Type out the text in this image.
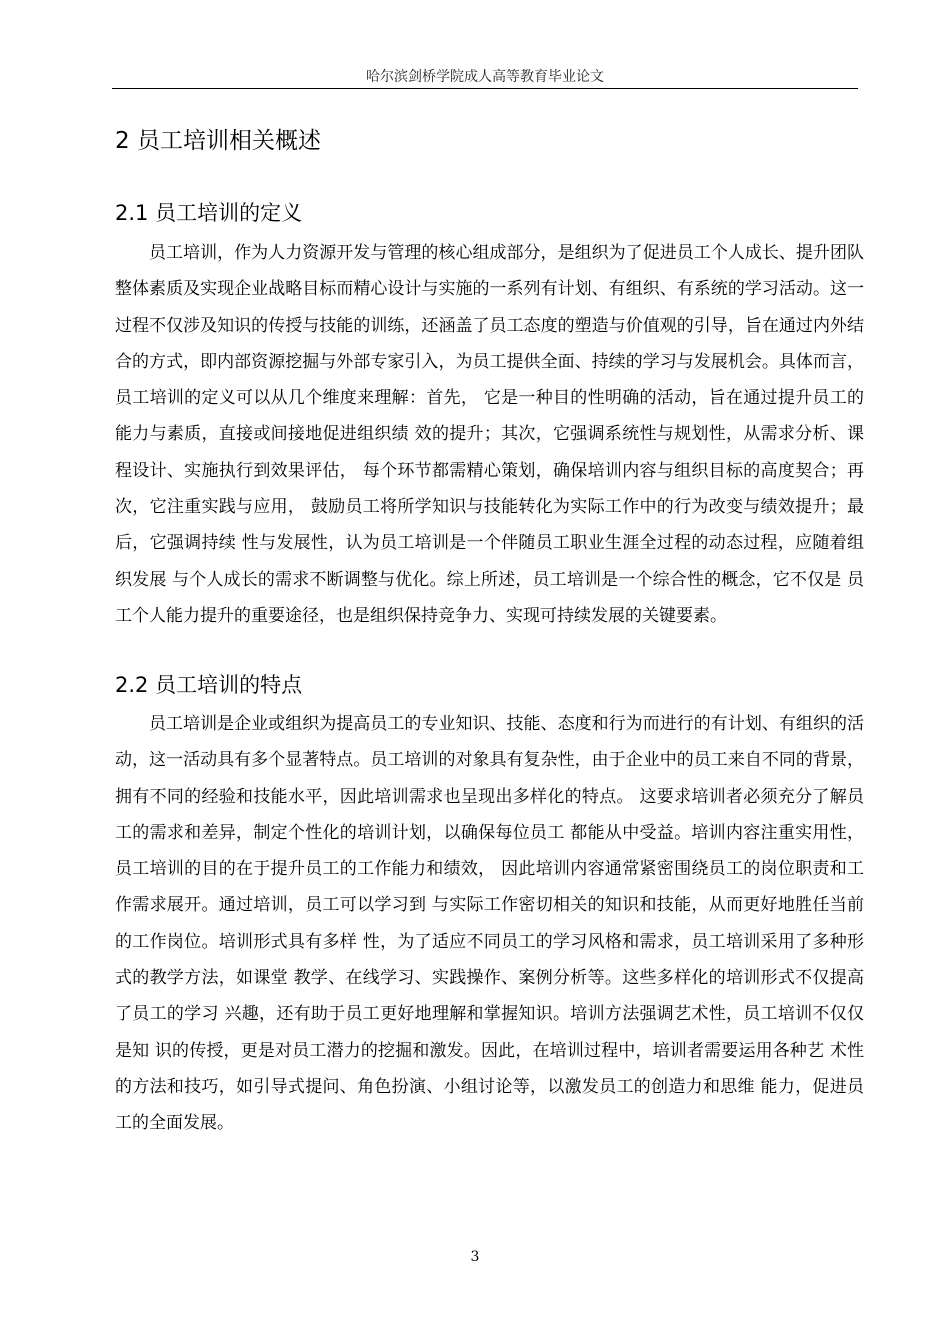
哈尔滨剑桥学院成人高等教育毕业论文
2 员工培训相关概述
2.1 员工培训的定义

员工培训，作为人力资源开发与管理的核心组成部分，是组织为了促进员工个人成长、提升团队整体素质及实现企业战略目标而精心设计与实施的一系列有计划、有组织、有系统的学习活动。这一过程不仅涉及知识的传授与技能的训练，还涵盖了员工态度的塑造与价值观的引导，旨在通过内外结合的方式，即内部资源挖掘与外部专家引入，为员工提供全面、持续的学习与发展机会。具体而言，员工培训的定义可以从几个维度来理解：首先， 它是一种目的性明确的活动，旨在通过提升员工的能力与素质，直接或间接地促进组织绩 效的提升；其次，它强调系统性与规划性，从需求分析、课程设计、实施执行到效果评估， 每个环节都需精心策划，确保培训内容与组织目标的高度契合；再次，它注重实践与应用， 鼓励员工将所学知识与技能转化为实际工作中的行为改变与绩效提升；最后，它强调持续 性与发展性，认为员工培训是一个伴随员工职业生涯全过程的动态过程，应随着组织发展 与个人成长的需求不断调整与优化。综上所述，员工培训是一个综合性的概念，它不仅是 员工个人能力提升的重要途径，也是组织保持竞争力、实现可持续发展的关键要素。

2.2 员工培训的特点

员工培训是企业或组织为提高员工的专业知识、技能、态度和行为而进行的有计划、有组织的活动，这一活动具有多个显著特点。员工培训的对象具有复杂性，由于企业中的员工来自不同的背景，拥有不同的经验和技能水平，因此培训需求也呈现出多样化的特点。 这要求培训者必须充分了解员工的需求和差异，制定个性化的培训计划，以确保每位员工 都能从中受益。培训内容注重实用性，员工培训的目的在于提升员工的工作能力和绩效， 因此培训内容通常紧密围绕员工的岗位职责和工作需求展开。通过培训，员工可以学习到 与实际工作密切相关的知识和技能，从而更好地胜任当前的工作岗位。培训形式具有多样 性，为了适应不同员工的学习风格和需求，员工培训采用了多种形式的教学方法，如课堂 教学、在线学习、实践操作、案例分析等。这些多样化的培训形式不仅提高了员工的学习 兴趣，还有助于员工更好地理解和掌握知识。培训方法强调艺术性，员工培训不仅仅是知 识的传授，更是对员工潜力的挖掘和激发。因此，在培训过程中，培训者需要运用各种艺 术性的方法和技巧，如引导式提问、角色扮演、小组讨论等，以激发员工的创造力和思维 能力，促进员工的全面发展。

3
